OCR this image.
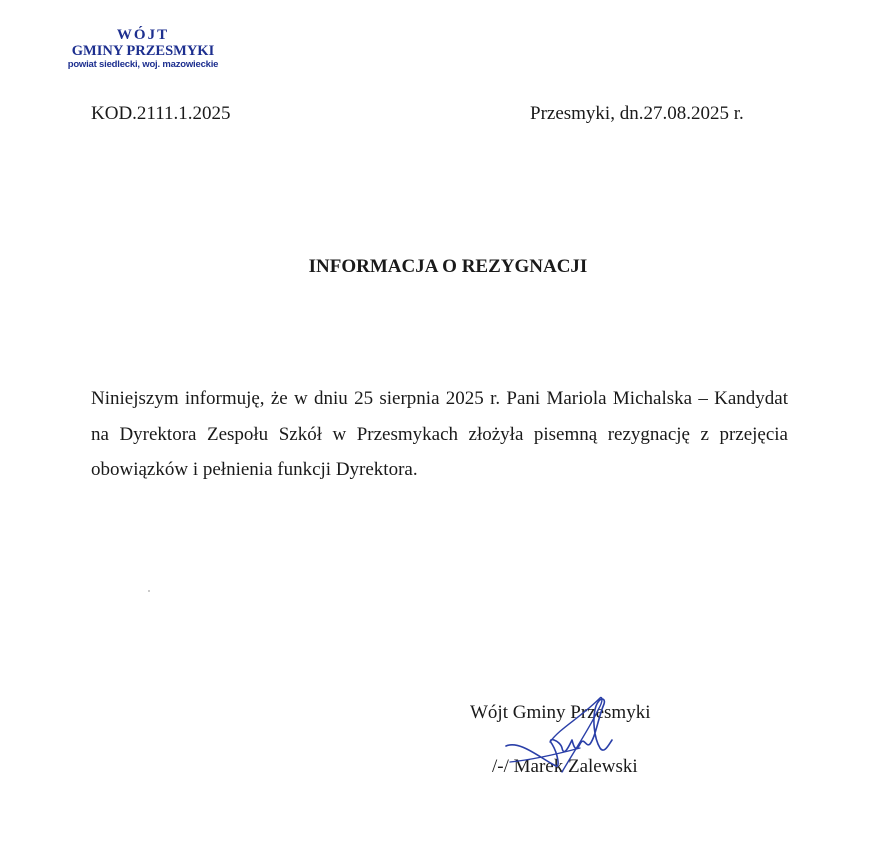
WÓJT
GMINY PRZESMYKI
powiat siedlecki, woj. mazowieckie
KOD.2111.1.2025	Przesmyki, dn.27.08.2025 r.
INFORMACJA O REZYGNACJI
Niniejszym informuję, że w dniu 25 sierpnia 2025 r. Pani Mariola Michalska – Kandydat na Dyrektora Zespołu Szkół w Przesmykach złożyła pisemną rezygnację z przejęcia obowiązków i pełnienia funkcji Dyrektora.
Wójt Gminy Przesmyki
/-/ Marek Zalewski
